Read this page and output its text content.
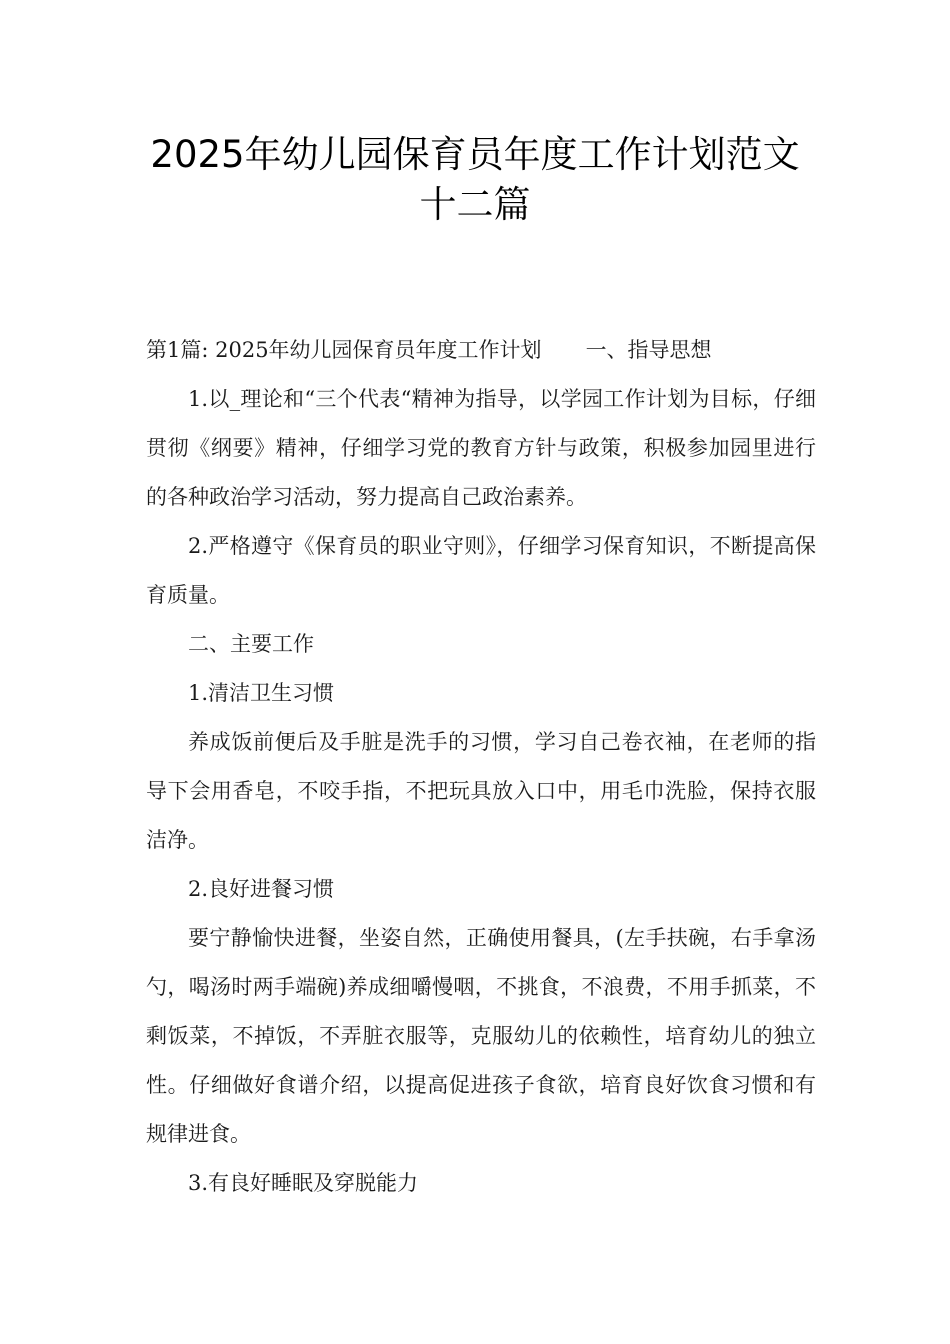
2025年幼儿园保育员年度工作计划范文
十二篇

第1篇: 2025年幼儿园保育员年度工作计划 一、指导思想

1.以_理论和“三个代表“精神为指导，以学园工作计划为目标，仔细贯彻《纲要》精神，仔细学习党的教育方针与政策，积极参加园里进行的各种政治学习活动，努力提高自己政治素养。

2.严格遵守《保育员的职业守则》，仔细学习保育知识，不断提高保育质量。

二、主要工作

1.清洁卫生习惯

养成饭前便后及手脏是洗手的习惯，学习自己卷衣袖，在老师的指导下会用香皂，不咬手指，不把玩具放入口中，用毛巾洗脸，保持衣服洁净。

2.良好进餐习惯

要宁静愉快进餐，坐姿自然，正确使用餐具，(左手扶碗，右手拿汤勺，喝汤时两手端碗)养成细嚼慢咽，不挑食，不浪费，不用手抓菜，不剩饭菜，不掉饭，不弄脏衣服等，克服幼儿的依赖性，培育幼儿的独立性。仔细做好食谱介绍，以提高促进孩子食欲，培育良好饮食习惯和有规律进食。

3.有良好睡眠及穿脱能力
